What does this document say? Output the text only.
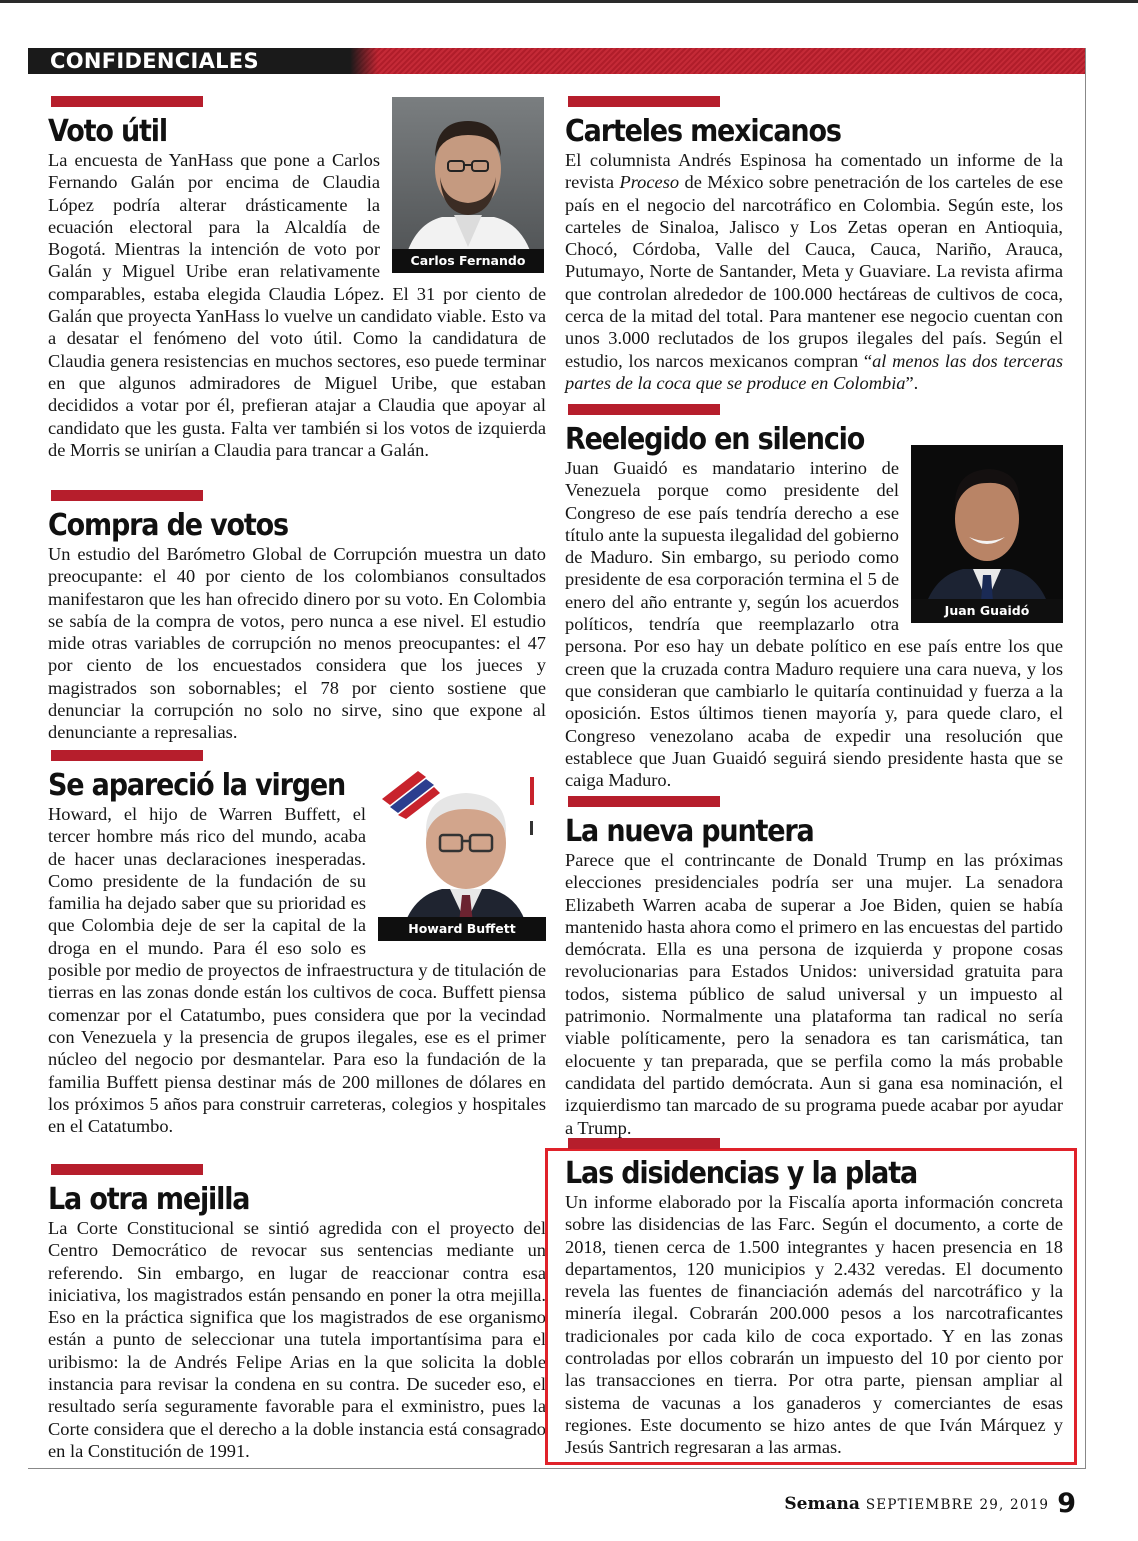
CONFIDENCIALES
Carlos Fernando
Voto útil

La encuesta de YanHass que pone a Carlos Fernando Galán por encima de Claudia López podría alterar drásticamente la ecuación electoral para la Alcaldía de Bogotá. Mientras la intención de voto por Galán y Miguel Uribe eran relativamente comparables, estaba elegida Claudia López. El 31 por ciento de Galán que proyecta YanHass lo vuelve un candidato viable. Esto va a desatar el fenómeno del voto útil. Como la candidatura de Claudia genera resistencias en muchos sectores, eso puede terminar en que algunos admiradores de Miguel Uribe, que estaban decididos a votar por él, prefieran atajar a Claudia que apoyar al candidato que les gusta. Falta ver también si los votos de izquierda de Morris se unirían a Claudia para trancar a Galán.

Compra de votos

Un estudio del Barómetro Global de Corrupción muestra un dato preocupante: el 40 por ciento de los colombianos consultados manifestaron que les han ofrecido dinero por su voto. En Colombia se sabía de la compra de votos, pero nunca a ese nivel. El estudio mide otras variables de corrupción no menos preocupantes: el 47 por ciento de los encuestados considera que los jueces y magistrados son sobornables; el 78 por ciento sostiene que denunciar la corrupción no solo no sirve, sino que expone al denunciante a represalias.

Howard Buffett
Se apareció la virgen

Howard, el hijo de Warren Buffett, el tercer hombre más rico del mundo, acaba de hacer unas declaraciones inesperadas. Como presidente de la fundación de su familia ha dejado saber que su prioridad es que Colombia deje de ser la capital de la droga en el mundo. Para él eso solo es posible por medio de proyectos de infraestructura y de titulación de tierras en las zonas donde están los cultivos de coca. Buffett piensa comenzar por el Catatumbo, pues considera que por la vecindad con Venezuela y la presencia de grupos ilegales, ese es el primer núcleo del negocio por desmantelar. Para eso la fundación de la familia Buffett piensa destinar más de 200 millones de dólares en los próximos 5 años para construir carreteras, colegios y hospitales en el Catatumbo.

La otra mejilla

La Corte Constitucional se sintió agredida con el proyecto del Centro Democrático de revocar sus sentencias mediante un referendo. Sin embargo, en lugar de reaccionar contra esa iniciativa, los magistrados están pensando en poner la otra mejilla. Eso en la práctica significa que los magistrados de ese organismo están a punto de seleccionar una tutela importantísima para el uribismo: la de Andrés Felipe Arias en la que solicita la doble instancia para revisar la condena en su contra. De suceder eso, el resultado sería seguramente favorable para el exministro, pues la Corte considera que el derecho a la doble instancia está consagrado en la Constitución de 1991.

Carteles mexicanos

El columnista Andrés Espinosa ha comentado un informe de la revista Proceso de México sobre penetración de los carteles de ese país en el negocio del narcotráfico en Colombia. Según este, los carteles de Sinaloa, Jalisco y Los Zetas operan en Antioquia, Chocó, Córdoba, Valle del Cauca, Cauca, Nariño, Arauca, Putumayo, Norte de Santander, Meta y Guaviare. La revista afirma que controlan alrededor de 100.000 hectáreas de cultivos de coca, cerca de la mitad del total. Para mantener ese negocio cuentan con unos 3.000 reclutados de los grupos ilegales del país. Según el estudio, los narcos mexicanos compran “al menos las dos terceras partes de la coca que se produce en Colombia”.

Juan Guaidó
Reelegido en silencio

Juan Guaidó es mandatario interino de Venezuela porque como presidente del Congreso de ese país tendría derecho a ese título ante la supuesta ilegalidad del gobierno de Maduro. Sin embargo, su periodo como presidente de esa corporación termina el 5 de enero del año entrante y, según los acuerdos políticos, tendría que reemplazarlo otra persona. Por eso hay un debate político en ese país entre los que creen que la cruzada contra Maduro requiere una cara nueva, y los que consideran que cambiarlo le quitaría continuidad y fuerza a la oposición. Estos últimos tienen mayoría y, para quede claro, el Congreso venezolano acaba de expedir una resolución que establece que Juan Guaidó seguirá siendo presidente hasta que se caiga Maduro.

La nueva puntera

Parece que el contrincante de Donald Trump en las próximas elecciones presidenciales podría ser una mujer. La senadora Elizabeth Warren acaba de superar a Joe Biden, quien se había mantenido hasta ahora como el primero en las encuestas del partido demócrata. Ella es una persona de izquierda y propone cosas revolucionarias para Estados Unidos: universidad gratuita para todos, sistema público de salud universal y un impuesto al patrimonio. Normalmente una plataforma tan radical no sería viable políticamente, pero la senadora es tan carismática, tan elocuente y tan preparada, que se perfila como la más probable candidata del partido demócrata. Aun si gana esa nominación, el izquierdismo tan marcado de su programa puede acabar por ayudar a Trump.

Las disidencias y la plata

Un informe elaborado por la Fiscalía aporta información concreta sobre las disidencias de las Farc. Según el documento, a corte de 2018, tienen cerca de 1.500 integrantes y hacen presencia en 18 departamentos, 120 municipios y 2.432 veredas. El documento revela las fuentes de financiación además del narcotráfico y la minería ilegal. Cobrarán 200.000 pesos a los narcotraficantes tradicionales por cada kilo de coca exportado. Y en las zonas controladas por ellos cobrarán un impuesto del 10 por ciento por las transacciones en tierra. Por otra parte, piensan ampliar al sistema de vacunas a los ganaderos y comerciantes de esas regiones. Este documento se hizo antes de que Iván Márquez y Jesús Santrich regresaran a las armas.

Semana SEPTIEMBRE 29, 2019 9
